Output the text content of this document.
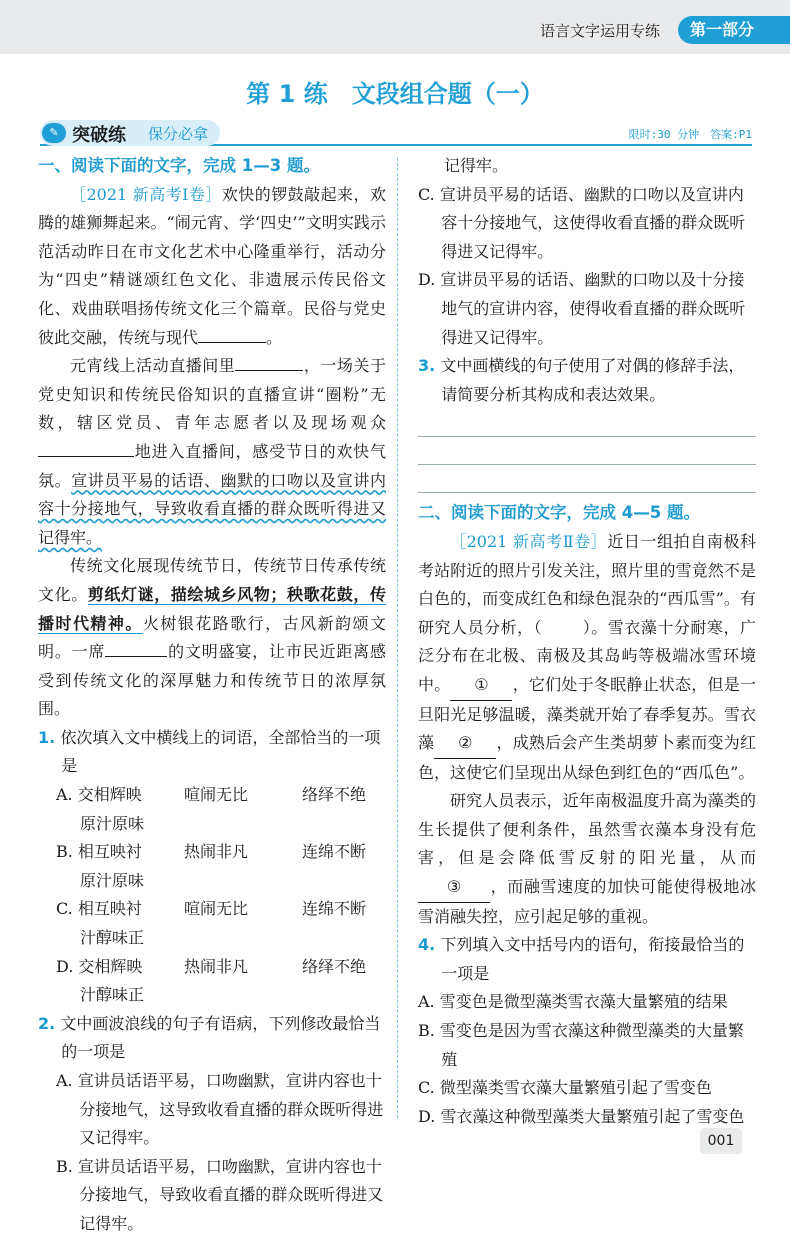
语言文字运用专练	第一部分
第 1 练　文段组合题（一）
✎ 突破练 保分必拿	限时:30 分钟　答案:P1
一、阅读下面的文字，完成 1—3 题。
［2021 新高考Ⅰ卷］欢快的锣鼓敲起来，欢腾的雄狮舞起来。“闹元宵、学‘四史’”文明实践示范活动昨日在市文化艺术中心隆重举行，活动分为“四史”精谜颂红色文化、非遗展示传民俗文化、戏曲联唱扬传统文化三个篇章。民俗与党史彼此交融，传统与现代	。
元宵线上活动直播间里	，一场关于党史知识和传统民俗知识的直播宣讲“圈粉”无数，辖区党员、青年志愿者以及现场观众地进入直播间，感受节日的欢快气氛。宣讲员平易的话语、幽默的口吻以及宣讲内容十分接地气，导致收看直播的群众既听得进又记得牢。
传统文化展现传统节日，传统节日传承传统文化。剪纸灯谜，描绘城乡风物；秧歌花鼓，传播时代精神。火树银花路歌行，古风新韵颂文明。一席	的文明盛宴，让市民近距离感受到传统文化的深厚魅力和传统节日的浓厚氛围。
1. 依次填入文中横线上的词语，全部恰当的一项是
A. 交相辉映	喧闹无比	络绎不绝
原汁原味
B. 相互映衬	热闹非凡	连绵不断
原汁原味
C. 相互映衬	喧闹无比	连绵不断
汁醇味正
D. 交相辉映	热闹非凡	络绎不绝
汁醇味正
2. 文中画波浪线的句子有语病，下列修改最恰当的一项是
A. 宣讲员话语平易，口吻幽默，宣讲内容也十分接地气，这导致收看直播的群众既听得进又记得牢。
B. 宣讲员话语平易，口吻幽默，宣讲内容也十分接地气，导致收看直播的群众既听得进又记得牢。
记得牢。
C. 宣讲员平易的话语、幽默的口吻以及宣讲内容十分接地气，这使得收看直播的群众既听得进又记得牢。
D. 宣讲员平易的话语、幽默的口吻以及十分接地气的宣讲内容，使得收看直播的群众既听得进又记得牢。
3. 文中画横线的句子使用了对偶的修辞手法，请简要分析其构成和表达效果。
二、阅读下面的文字，完成 4—5 题。
［2021 新高考Ⅱ卷］近日一组拍自南极科考站附近的照片引发关注，照片里的雪竟然不是白色的，而变成红色和绿色混杂的“西瓜雪”。有研究人员分析，（	）。雪衣藻十分耐寒，广泛分布在北极、南极及其岛屿等极端冰雪环境中。 ① ，它们处于冬眠静止状态，但是一旦阳光足够温暖，藻类就开始了春季复苏。雪衣藻 ② ，成熟后会产生类胡萝卜素而变为红色，这使它们呈现出从绿色到红色的“西瓜色”。
研究人员表示，近年南极温度升高为藻类的生长提供了便利条件，虽然雪衣藻本身没有危害，但是会降低雪反射的阳光量，从而③ ，而融雪速度的加快可能使得极地冰雪消融失控，应引起足够的重视。
4. 下列填入文中括号内的语句，衔接最恰当的一项是
A. 雪变色是微型藻类雪衣藻大量繁殖的结果
B. 雪变色是因为雪衣藻这种微型藻类的大量繁殖
C. 微型藻类雪衣藻大量繁殖引起了雪变色
D. 雪衣藻这种微型藻类大量繁殖引起了雪变色
001
